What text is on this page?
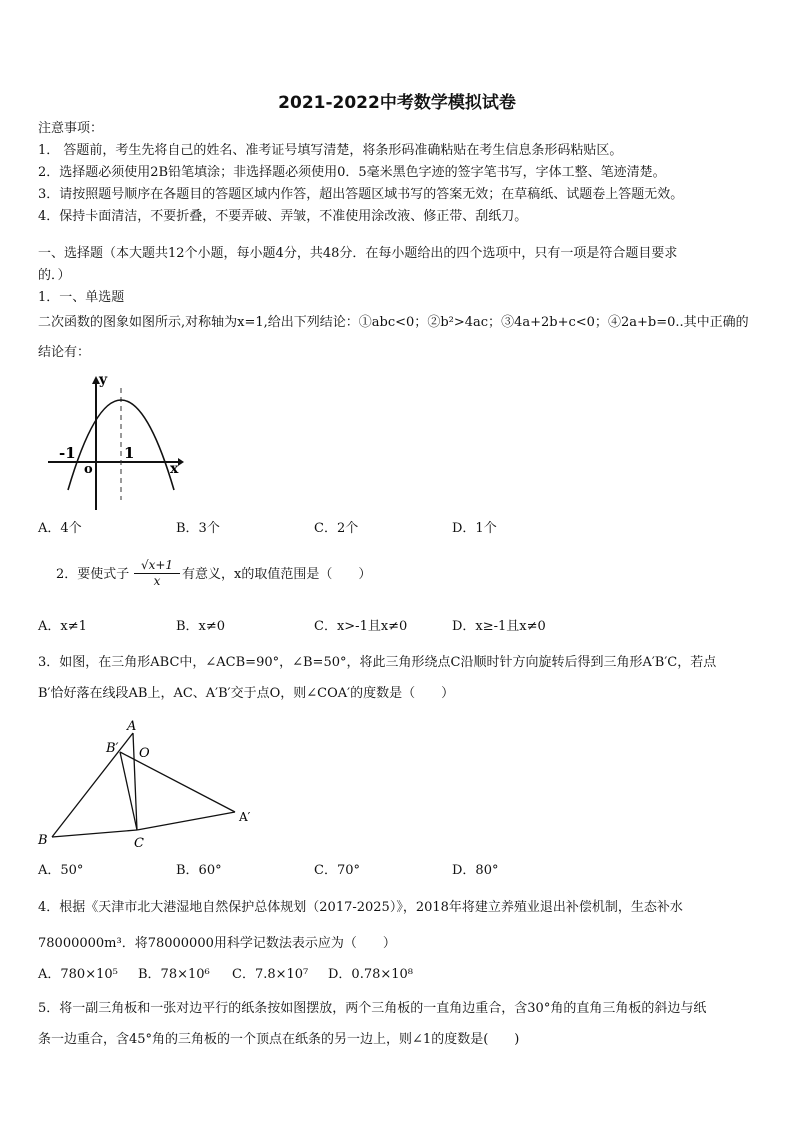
2021-2022中考数学模拟试卷
注意事项：
1． 答题前，考生先将自己的姓名、准考证号填写清楚，将条形码准确粘贴在考生信息条形码粘贴区。
2．选择题必须使用2B铅笔填涂；非选择题必须使用0．5毫米黑色字迹的签字笔书写，字体工整、笔迹清楚。
3．请按照题号顺序在各题目的答题区域内作答，超出答题区域书写的答案无效；在草稿纸、试题卷上答题无效。
4．保持卡面清洁，不要折叠，不要弄破、弄皱，不准使用涂改液、修正带、刮纸刀。
一、选择题（本大题共12个小题，每小题4分，共48分．在每小题给出的四个选项中，只有一项是符合题目要求
的．）
1．一、单选题
二次函数的图象如图所示,对称轴为x=1,给出下列结论：①abc<0；②b²>4ac；③4a+2b+c<0；④2a+b=0..其中正确的
结论有：
y
x
-1	1
o
A．4个	B．3个	C．2个	D．1个
2．要使式子 $\frac{√x+1}{x}$ 有意义，x的取值范围是（　　）
A．x≠1	B．x≠0	C．x>-1且x≠0	D．x≥-1且x≠0
3．如图，在三角形ABC中，∠ACB=90°，∠B=50°，将此三角形绕点C沿顺时针方向旋转后得到三角形A′B′C，若点
B′恰好落在线段AB上，AC、A′B′交于点O，则∠COA′的度数是（　　）
A
B′ O
A′
B	C
A．50°	B．60°	C．70°	D．80°
4．根据《天津市北大港湿地自然保护总体规划（2017-2025）》，2018年将建立养殖业退出补偿机制，生态补水
78000000m³．将78000000用科学记数法表示应为（　　）
A．780×10⁵ B．78×10⁶ C．7.8×10⁷ D．0.78×10⁸
5．将一副三角板和一张对边平行的纸条按如图摆放，两个三角板的一直角边重合，含30°角的直角三角板的斜边与纸
条一边重合，含45°角的三角板的一个顶点在纸条的另一边上，则∠1的度数是(　　)
